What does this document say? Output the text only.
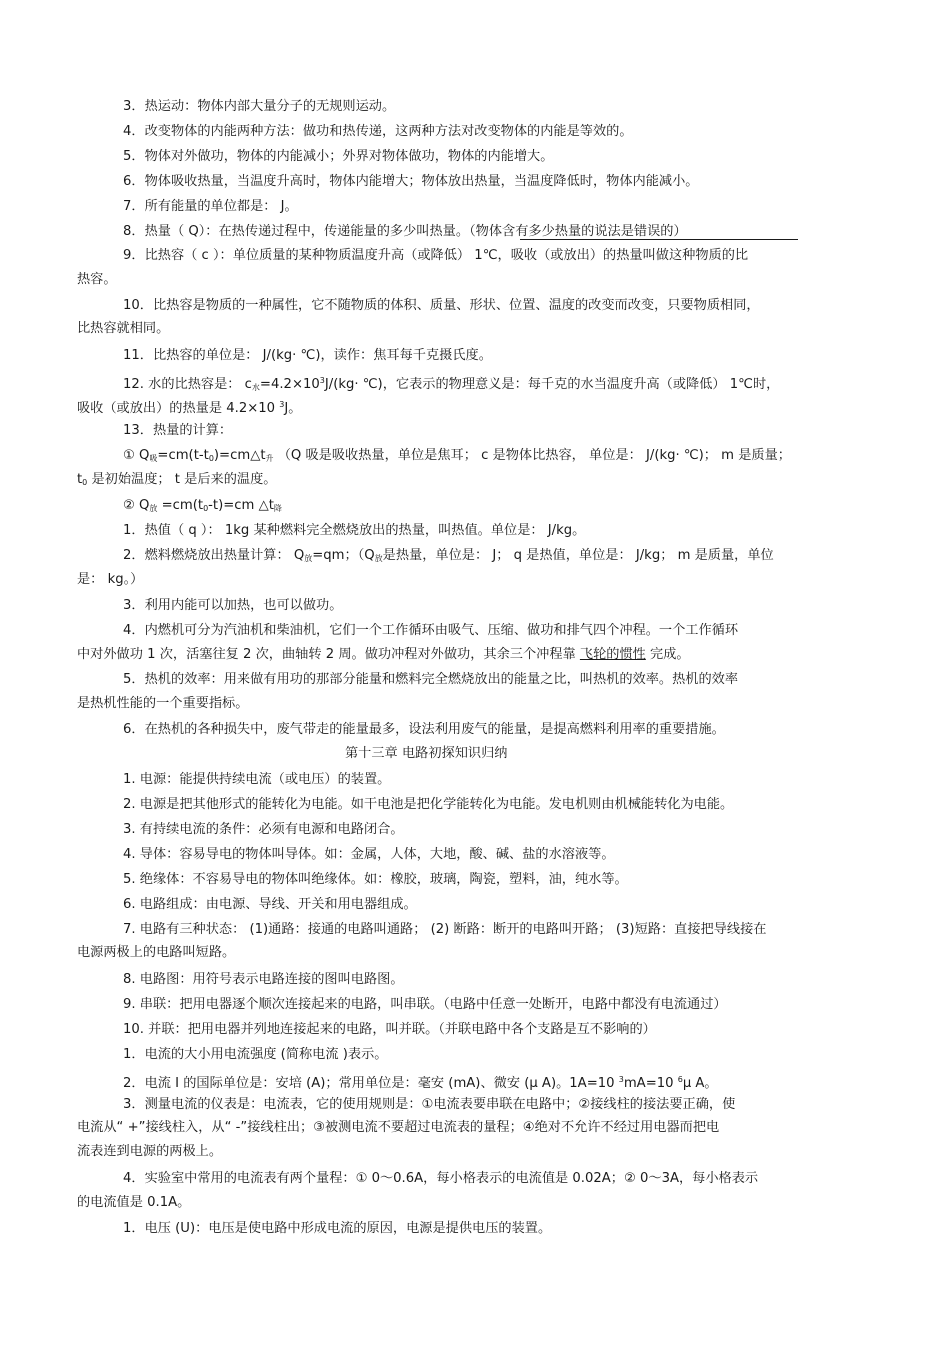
3．热运动：物体内部大量分子的无规则运动。
4．改变物体的内能两种方法：做功和热传递，这两种方法对改变物体的内能是等效的。
5．物体对外做功，物体的内能减小；外界对物体做功，物体的内能增大。
6．物体吸收热量，当温度升高时，物体内能增大；物体放出热量，当温度降低时，物体内能减小。
7．所有能量的单位都是： J。
8．热量（ Q）：在热传递过程中，传递能量的多少叫热量。（物体含有多少热量的说法是错误的）
9．比热容（ c ）：单位质量的某种物质温度升高（或降低） 1℃，吸收（或放出）的热量叫做这种物质的比
热容。
10．比热容是物质的一种属性，它不随物质的体积、质量、形状、位置、温度的改变而改变，只要物质相同，
比热容就相同。
11．比热容的单位是： J/(kg· ℃)，读作：焦耳每千克摄氏度。
12. 水的比热容是： $c_水=4.2\times 10^3J/(kg\cdot$ ℃)，它表示的物理意义是：每千克的水当温度升高（或降低） 1℃时，
吸收（或放出）的热量是 4.2×10 $^3$J。
13．热量的计算：
① $Q_吸=cm(t-t_0)=cm\triangle t_升$ （Q 吸是吸收热量，单位是焦耳； c 是物体比热容， 单位是： J/(kg· ℃)； m 是质量；
$t_0$ 是初始温度； t 是后来的温度。
② $Q_放 =cm(t_0-t)=cm$ $\triangle t_降$
1．热值（ q ）： 1kg 某种燃料完全燃烧放出的热量，叫热值。单位是： J/kg。
2．燃料燃烧放出热量计算： $Q_放=qm$；（$Q_放$是热量，单位是： J； q 是热值，单位是： J/kg； m 是质量，单位
是： kg。）
3．利用内能可以加热，也可以做功。
4．内燃机可分为汽油机和柴油机，它们一个工作循环由吸气、压缩、做功和排气四个冲程。一个工作循环
中对外做功 1 次，活塞往复 2 次，曲轴转 2 周。做功冲程对外做功，其余三个冲程靠 飞轮的惯性 完成。
5．热机的效率：用来做有用功的那部分能量和燃料完全燃烧放出的能量之比，叫热机的效率。热机的效率
是热机性能的一个重要指标。
6．在热机的各种损失中，废气带走的能量最多，设法利用废气的能量，是提高燃料利用率的重要措施。
第十三章 电路初探知识归纳
1. 电源：能提供持续电流（或电压）的装置。
2. 电源是把其他形式的能转化为电能。如干电池是把化学能转化为电能。发电机则由机械能转化为电能。
3. 有持续电流的条件：必须有电源和电路闭合。
4. 导体：容易导电的物体叫导体。如：金属，人体，大地，酸、碱、盐的水溶液等。
5. 绝缘体：不容易导电的物体叫绝缘体。如：橡胶，玻璃，陶瓷，塑料，油，纯水等。
6. 电路组成：由电源、导线、开关和用电器组成。
7. 电路有三种状态： (1)通路：接通的电路叫通路； (2) 断路：断开的电路叫开路； (3)短路：直接把导线接在
电源两极上的电路叫短路。
8. 电路图：用符号表示电路连接的图叫电路图。
9. 串联：把用电器逐个顺次连接起来的电路，叫串联。（电路中任意一处断开，电路中都没有电流通过）
10. 并联：把用电器并列地连接起来的电路，叫并联。（并联电路中各个支路是互不影响的）
1．电流的大小用电流强度 (简称电流 )表示。
2．电流 I 的国际单位是：安培 (A)；常用单位是：毫安 (mA)、微安 (μ A)。1A=10 $^3$mA=10 $^6$μ A。
3．测量电流的仪表是：电流表，它的使用规则是：①电流表要串联在电路中；②接线柱的接法要正确，使
电流从“ +”接线柱入，从“ -”接线柱出；③被测电流不要超过电流表的量程；④绝对不允许不经过用电器而把电
流表连到电源的两极上。
4．实验室中常用的电流表有两个量程：① 0～0.6A，每小格表示的电流值是 0.02A；② 0～3A，每小格表示
的电流值是 0.1A。
1．电压 (U)：电压是使电路中形成电流的原因，电源是提供电压的装置。
